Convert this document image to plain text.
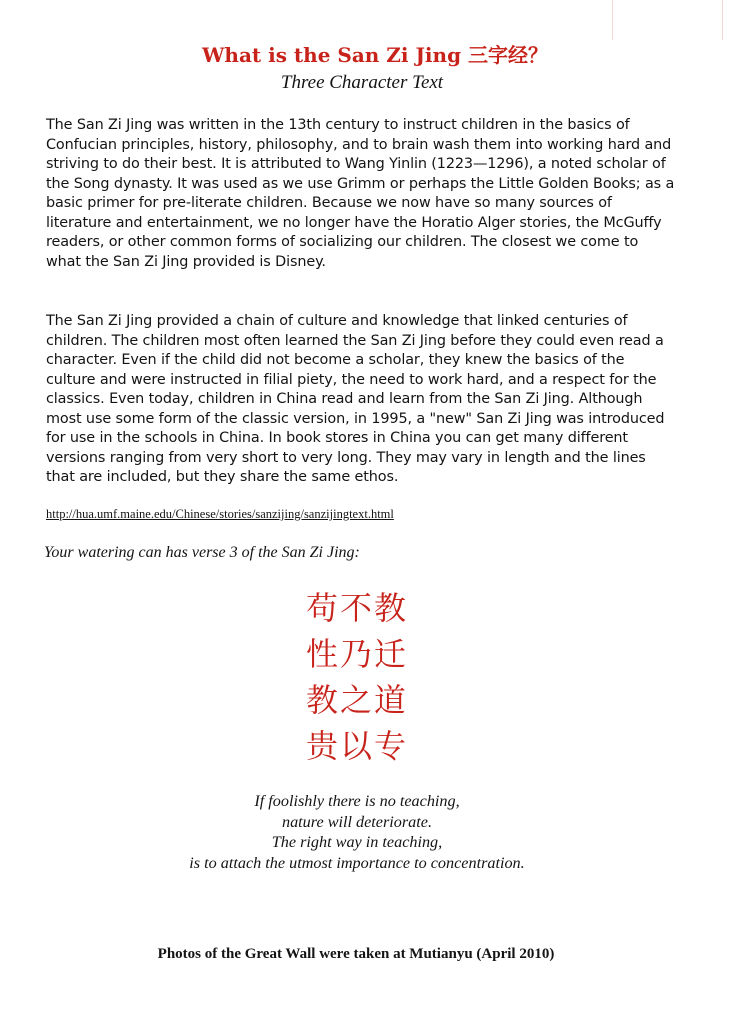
What is the San Zi Jing 三字经？

Three Character Text

The San Zi Jing was written in the 13th century to instruct children in the basics of Confucian principles, history, philosophy, and to brain wash them into working hard and striving to do their best. It is attributed to Wang Yinlin (1223—1296), a noted scholar of the Song dynasty. It was used as we use Grimm or perhaps the Little Golden Books; as a basic primer for pre-literate children. Because we now have so many sources of literature and entertainment, we no longer have the Horatio Alger stories, the McGuffy readers, or other common forms of socializing our children. The closest we come to what the San Zi Jing provided is Disney.

The San Zi Jing provided a chain of culture and knowledge that linked centuries of children. The children most often learned the San Zi Jing before they could even read a character. Even if the child did not become a scholar, they knew the basics of the culture and were instructed in filial piety, the need to work hard, and a respect for the classics. Even today, children in China read and learn from the San Zi Jing. Although most use some form of the classic version, in 1995, a "new" San Zi Jing was introduced for use in the schools in China. In book stores in China you can get many different versions ranging from very short to very long. They may vary in length and the lines that are included, but they share the same ethos.

http://hua.umf.maine.edu/Chinese/stories/sanzijing/sanzijingtext.html

Your watering can has verse 3 of the San Zi Jing:

苟不教
性乃迁
教之道
贵以专
If foolishly there is no teaching,
nature will deteriorate.
The right way in teaching,
is to attach the utmost importance to concentration.

Photos of the Great Wall were taken at Mutianyu (April 2010)
